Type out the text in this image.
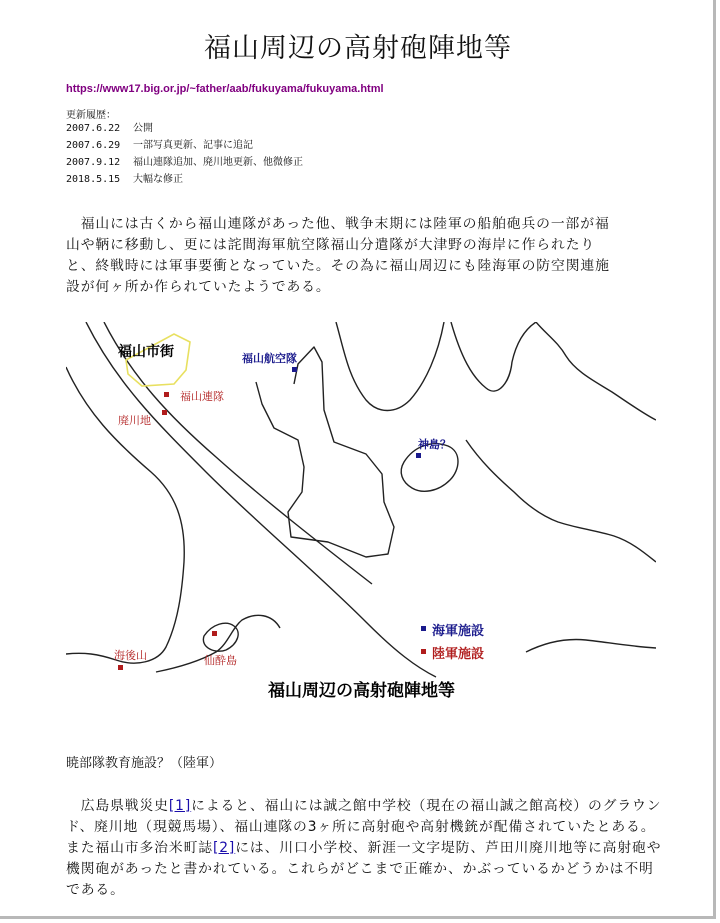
福山周辺の高射砲陣地等
https://www17.big.or.jp/~father/aab/fukuyama/fukuyama.html
更新履歴：
2007.6.22 公開
2007.6.29 一部写真更新、記事に追記
2007.9.12 福山連隊追加、廃川地更新、他微修正
2018.5.15 大幅な修正

　福山には古くから福山連隊があった他、戦争末期には陸軍の船舶砲兵の一部が福
山や鞆に移動し、更には詫間海軍航空隊福山分遣隊が大津野の海岸に作られたり
と、終戦時には軍事要衝となっていた。その為に福山周辺にも陸海軍の防空関連施
設が何ヶ所か作られていたようである。

福山市街	福山航空隊
福山連隊
廃川地
神島？
海後山	仙酔島
海軍施設
陸軍施設
福山周辺の高射砲陣地等
暁部隊教育施設？（陸軍）

　広島県戦災史[1]によると、福山には誠之館中学校（現在の福山誠之館高校）のグラウンド、廃川地（現競馬場）、福山連隊の3ヶ所に高射砲や高射機銃が配備されていたとある。また福山市多治米町誌[2]には、川口小学校、新涯一文字堤防、芦田川廃川地等に高射砲や機関砲があったと書かれている。これらがどこまで正確か、かぶっているかどうかは不明である。
